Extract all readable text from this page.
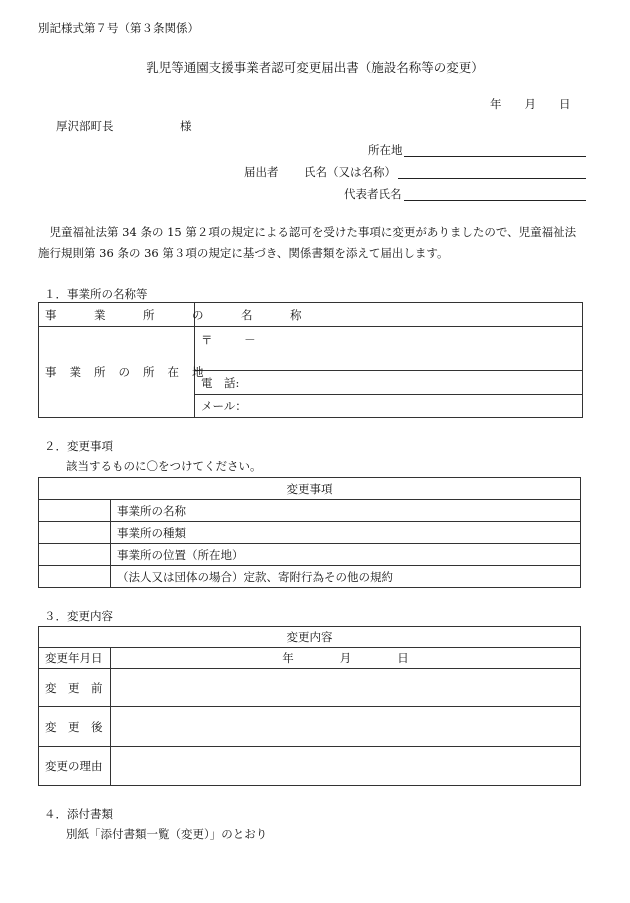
別記様式第７号（第３条関係）
乳児等通園支援事業者認可変更届出書（施設名称等の変更）
年　　月　　日
厚沢部町長	様
所在地
届出者 氏名（又は名称）
代表者氏名
児童福祉法第 34 条の 15 第２項の規定による認可を受けた事項に変更がありましたので、児童福祉法施行規則第 36 条の 36 第３項の規定に基づき、関係書類を添えて届出します。
１．事業所の名称等
事　業　所　の　名　称	
事業所の所在地	〒 －
	電　話:
	メール：
２．変更事項
該当するものに〇をつけてください。
変更事項	
	事業所の名称
	事業所の種類
	事業所の位置（所在地）
	（法人又は団体の場合）定款、寄附行為その他の規約
３．変更内容
変更内容	
変更年月日	年　　　　月　　　　日
変　更　前	
変　更　後	
変更の理由	
４．添付書類
別紙「添付書類一覧（変更）」のとおり
